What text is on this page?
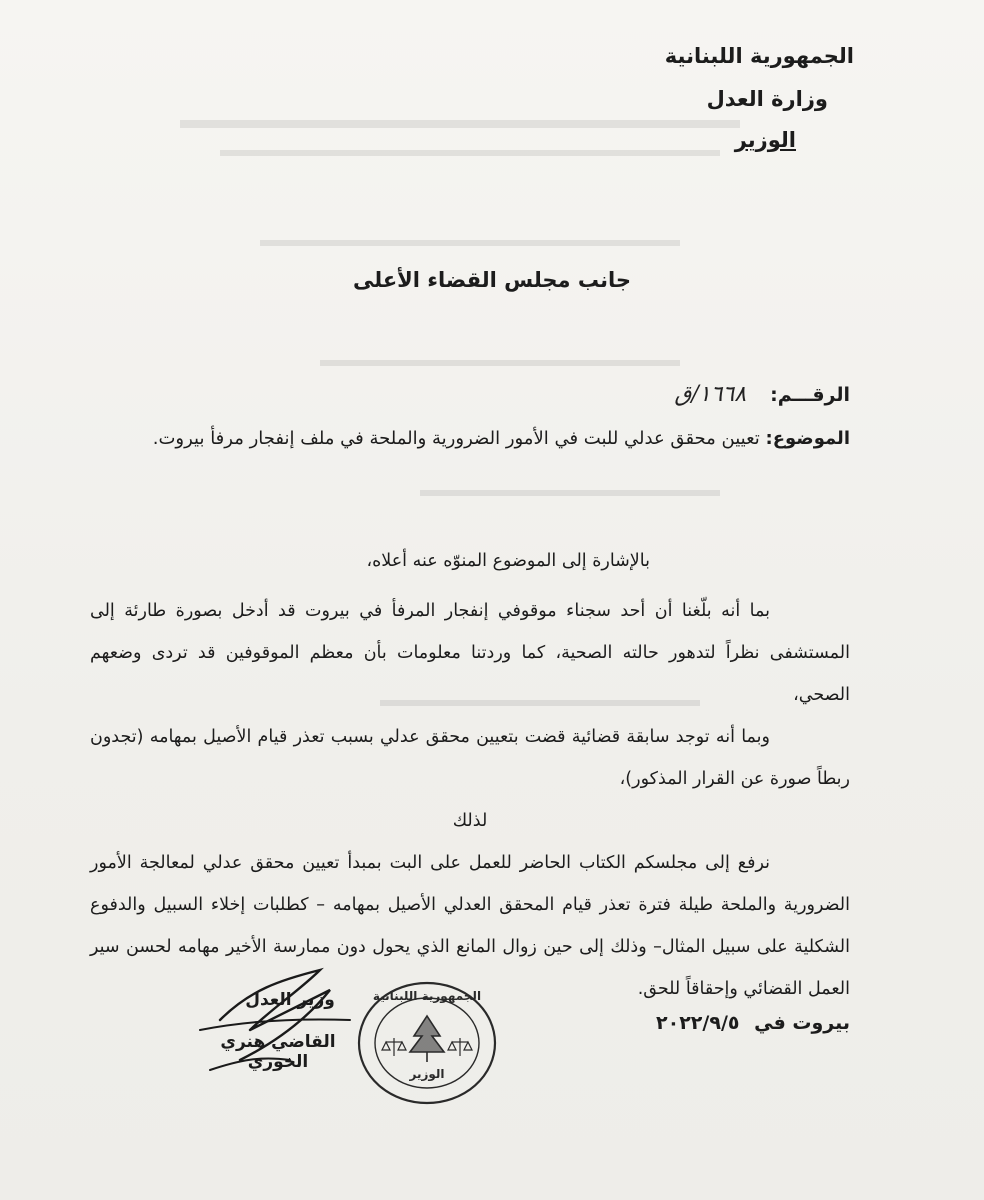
الجمهورية اللبنانية
وزارة العدل
الوزير
جانب مجلس القضاء الأعلى
الرقـــم: ١٦٦٨/ق
الموضوع: تعيين محقق عدلي للبت في الأمور الضرورية والملحة في ملف إنفجار مرفأ بيروت.

بالإشارة إلى الموضوع المنوّه عنه أعلاه،

بما أنه بلّغنا أن أحد سجناء موقوفي إنفجار المرفأ في بيروت قد أدخل بصورة طارئة إلى المستشفى نظراً لتدهور حالته الصحية، كما وردتنا معلومات بأن معظم الموقوفين قد تردى وضعهم الصحي،

وبما أنه توجد سابقة قضائية قضت بتعيين محقق عدلي بسبب تعذر قيام الأصيل بمهامه (تجدون ربطاً صورة عن القرار المذكور)،

لذلك

نرفع إلى مجلسكم الكتاب الحاضر للعمل على البت بمبدأ تعيين محقق عدلي لمعالجة الأمور الضرورية والملحة طيلة فترة تعذر قيام المحقق العدلي الأصيل بمهامه – كطلبات إخلاء السبيل والدفوع الشكلية على سبيل المثال– وذلك إلى حين زوال المانع الذي يحول دون ممارسة الأخير مهامه لحسن سير العمل القضائي وإحقاقاً للحق.

بيروت في ٢٠٢٢/٩/٥
الجمهورية اللبنانية
الوزير
وزير العدل
القاضي هنري الخوري
